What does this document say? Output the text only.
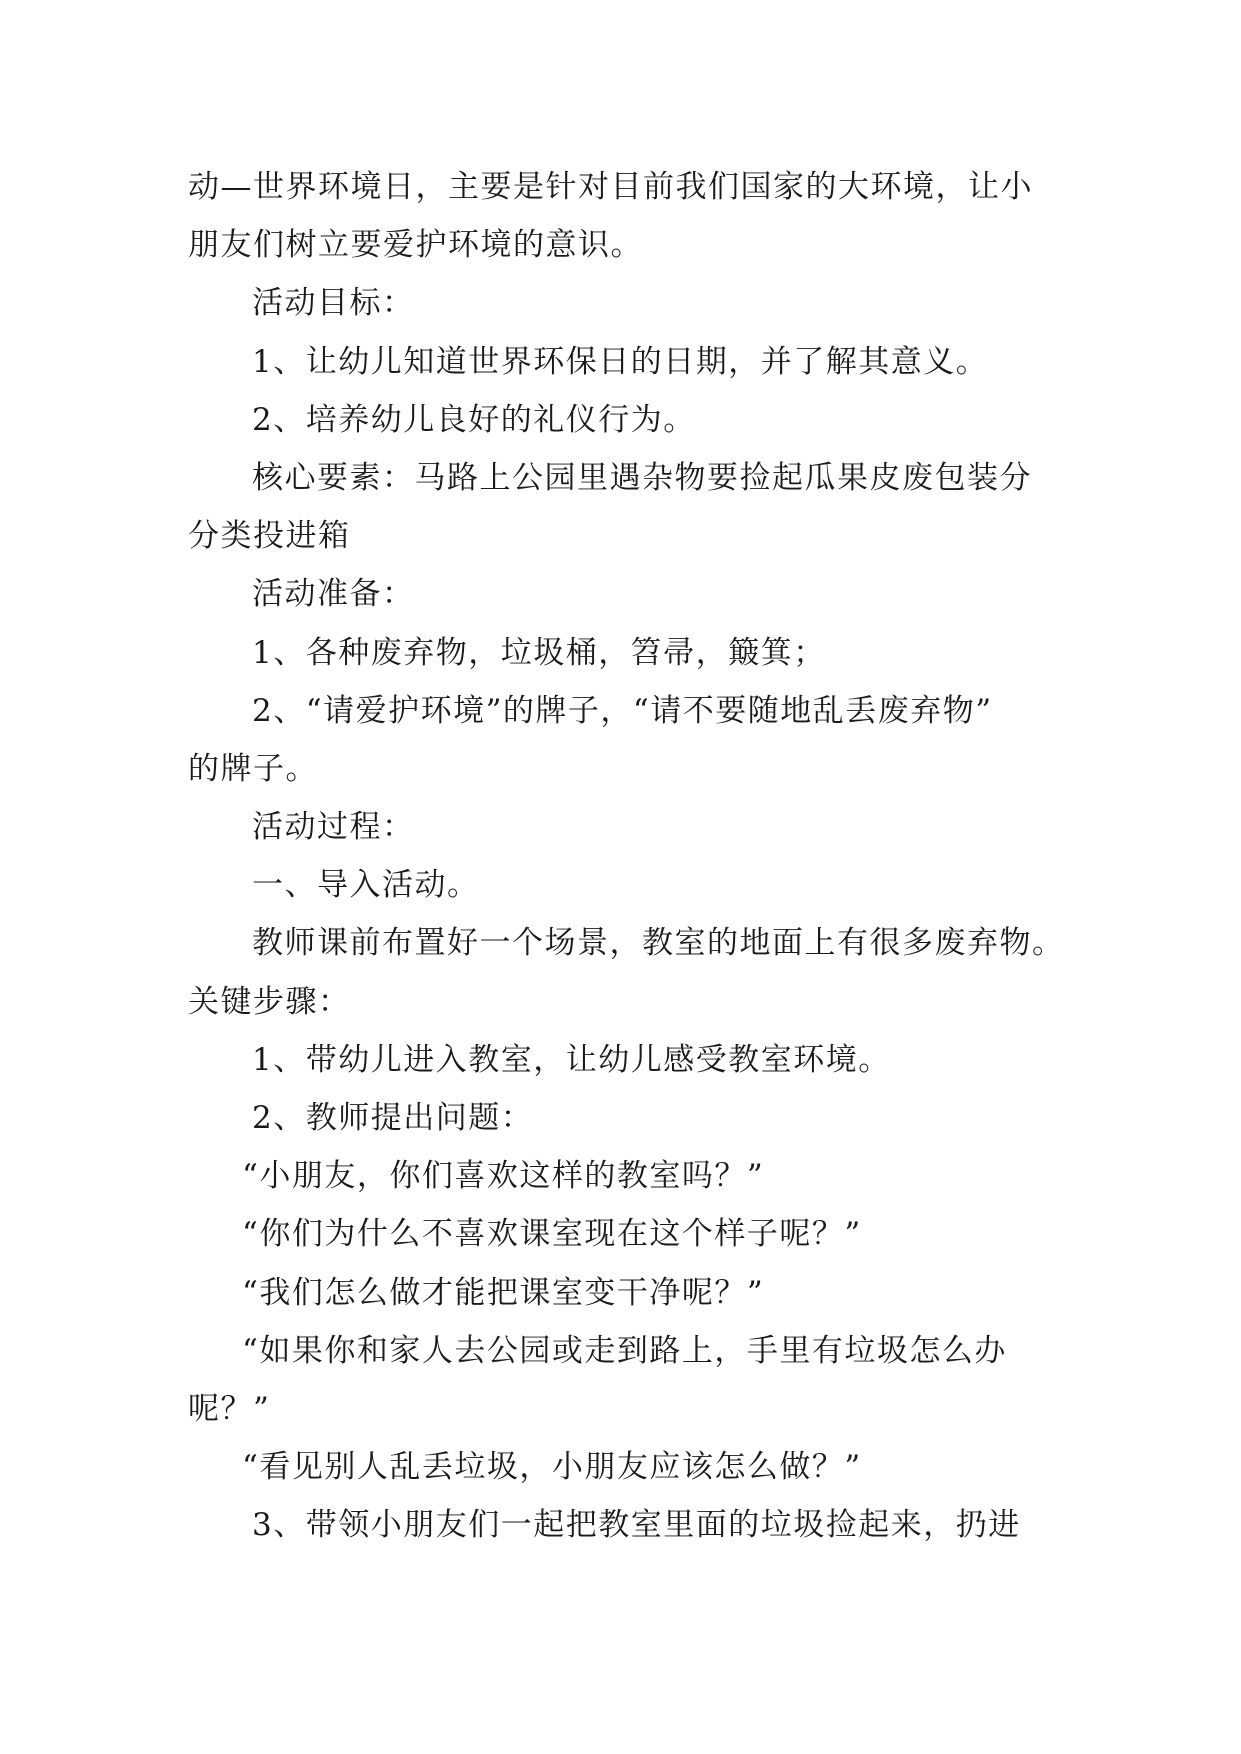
动—世界环境日，主要是针对目前我们国家的大环境，让小
朋友们树立要爱护环境的意识。
活动目标：
1、让幼儿知道世界环保日的日期，并了解其意义。
2、培养幼儿良好的礼仪行为。
核心要素：马路上公园里遇杂物要捡起瓜果皮废包装分
分类投进箱
活动准备：
1、各种废弃物，垃圾桶，笤帚，簸箕；
2、“请爱护环境”的牌子，“请不要随地乱丢废弃物”
的牌子。
活动过程：
一、导入活动。
教师课前布置好一个场景，教室的地面上有很多废弃物。
关键步骤：
1、带幼儿进入教室，让幼儿感受教室环境。
2、教师提出问题：
“小朋友，你们喜欢这样的教室吗？”
“你们为什么不喜欢课室现在这个样子呢？”
“我们怎么做才能把课室变干净呢？”
“如果你和家人去公园或走到路上，手里有垃圾怎么办
呢？”
“看见别人乱丢垃圾，小朋友应该怎么做？”
3、带领小朋友们一起把教室里面的垃圾捡起来，扔进
